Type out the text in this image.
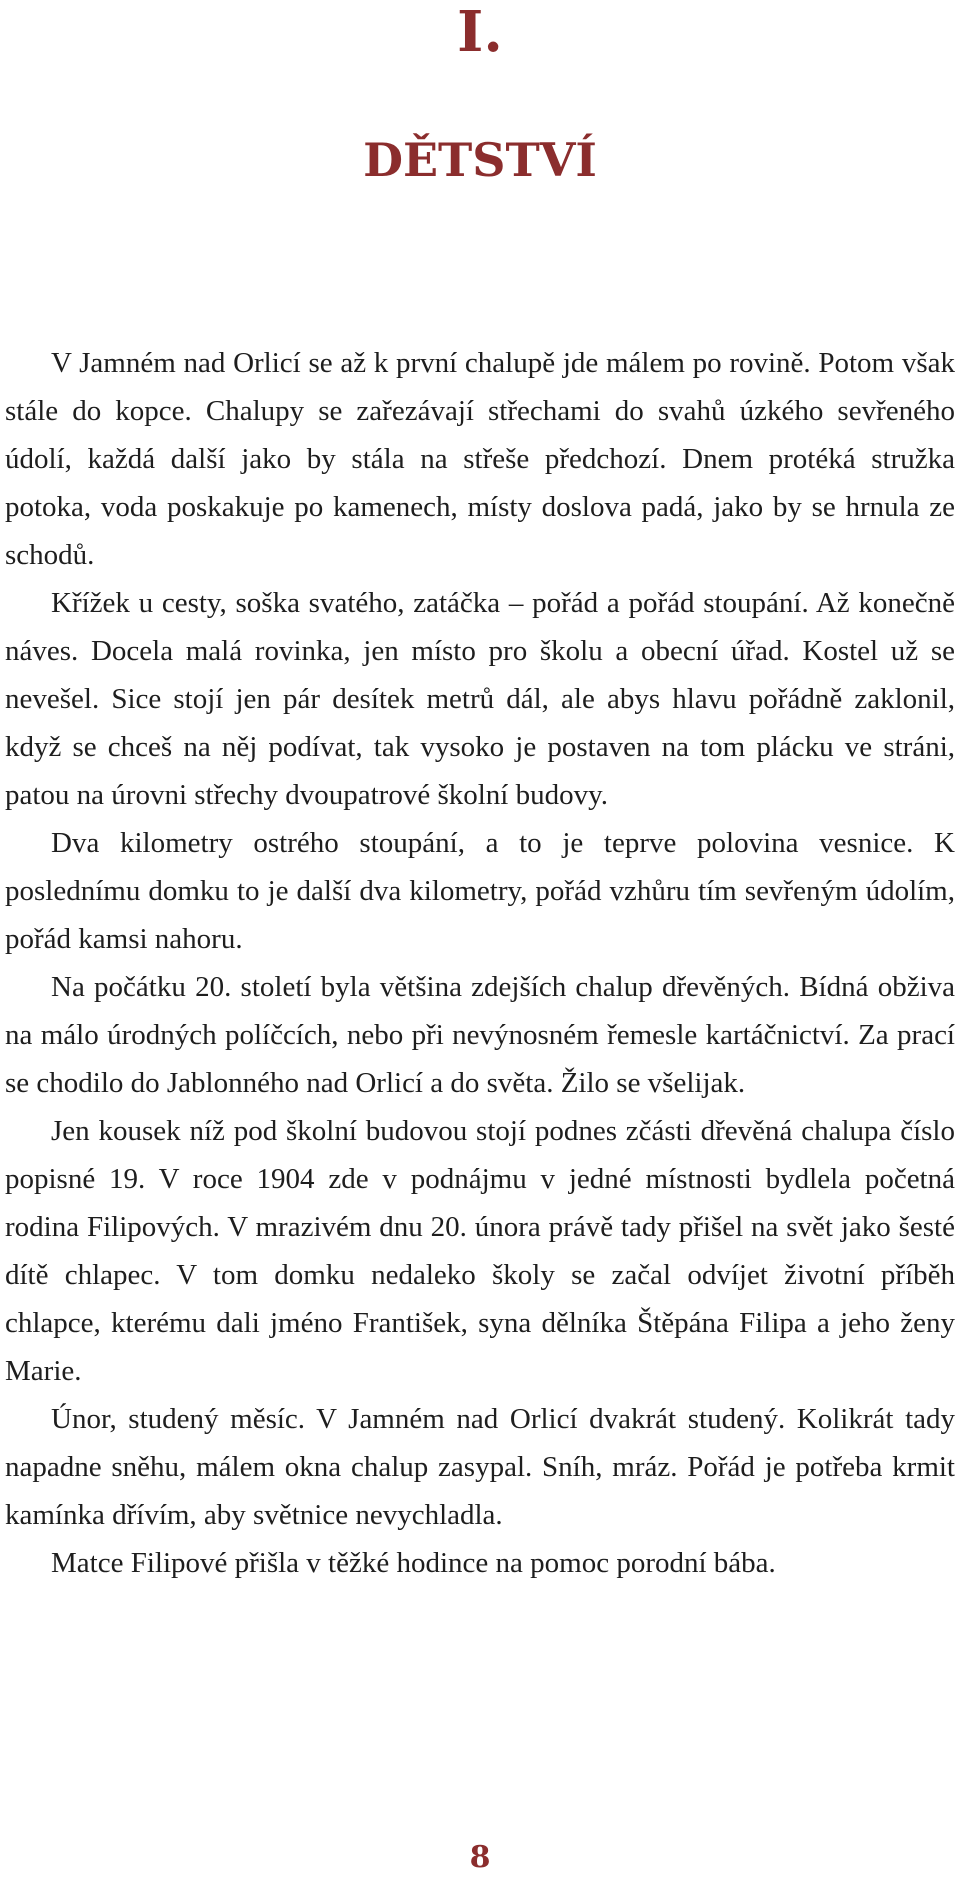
I.
DĚTSTVÍ

V Jamném nad Orlicí se až k první chalupě jde málem po rovině. Potom však stále do kopce. Chalupy se zařezávají střechami do svahů úzkého sevřeného údolí, každá další jako by stála na střeše předchozí. Dnem protéká stružka potoka, voda poskakuje po kamenech, místy doslova padá, jako by se hrnula ze schodů.

Křížek u cesty, soška svatého, zatáčka – pořád a pořád stoupání. Až konečně náves. Docela malá rovinka, jen místo pro školu a obecní úřad. Kostel už se nevešel. Sice stojí jen pár desítek metrů dál, ale abys hlavu pořádně zaklonil, když se chceš na něj podívat, tak vysoko je postaven na tom plácku ve stráni, patou na úrovni střechy dvoupatrové školní budovy.

Dva kilometry ostrého stoupání, a to je teprve polovina vesnice. K poslednímu domku to je další dva kilometry, pořád vzhůru tím sevřeným údolím, pořád kamsi nahoru.

Na počátku 20. století byla většina zdejších chalup dřevěných. Bídná obživa na málo úrodných políčcích, nebo při nevýnosném řemesle kartáčnictví. Za prací se chodilo do Jablonného nad Orlicí a do světa. Žilo se všelijak.

Jen kousek níž pod školní budovou stojí podnes zčásti dřevěná chalupa číslo popisné 19. V roce 1904 zde v podnájmu v jedné místnosti bydlela početná rodina Filipových. V mrazivém dnu 20. února právě tady přišel na svět jako šesté dítě chlapec. V tom domku nedaleko školy se začal odvíjet životní příběh chlapce, kterému dali jméno František, syna dělníka Štěpána Filipa a jeho ženy Marie.

Únor, studený měsíc. V Jamném nad Orlicí dvakrát studený. Kolikrát tady napadne sněhu, málem okna chalup zasypal. Sníh, mráz. Pořád je potřeba krmit kamínka dřívím, aby světnice nevychladla.

Matce Filipové přišla v těžké hodince na pomoc porodní bába.

8
